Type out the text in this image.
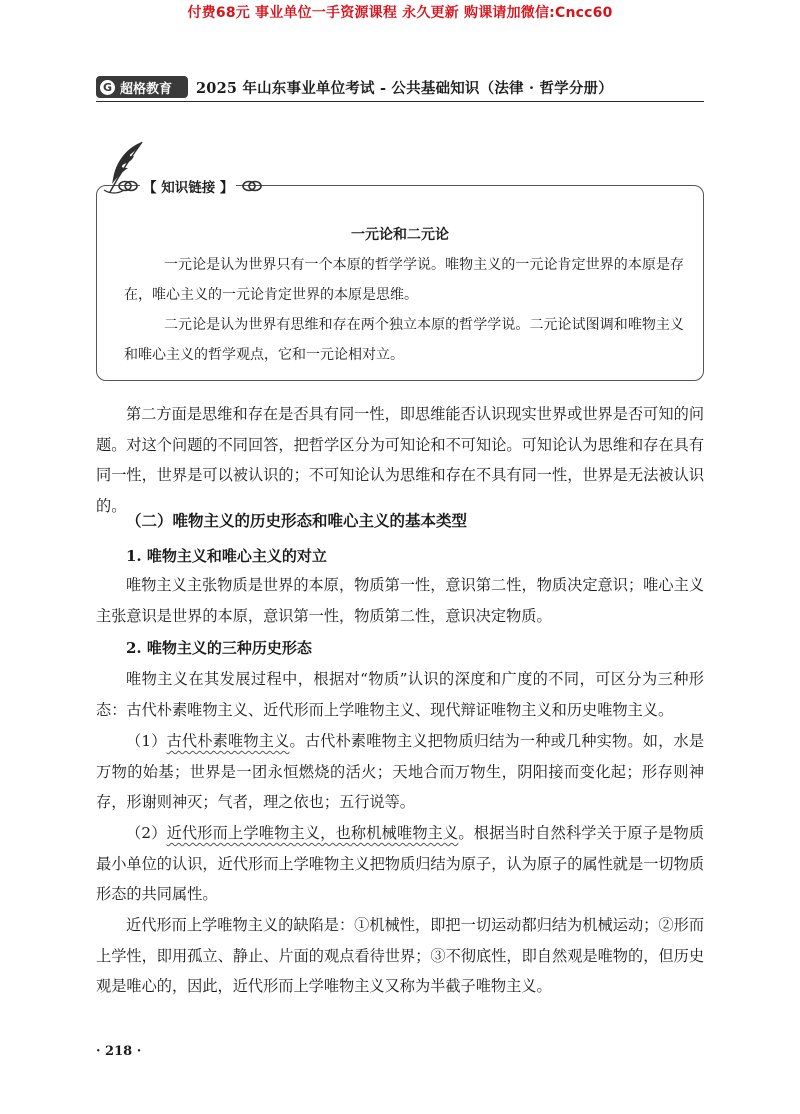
付费68元 事业单位一手资源课程 永久更新 购课请加微信:Cncc60
G 超格教育 2025 年山东事业单位考试 - 公共基础知识（法律 · 哲学分册）
【 知识链接 】
一元论和二元论

一元论是认为世界只有一个本原的哲学学说。唯物主义的一元论肯定世界的本原是存在，唯心主义的一元论肯定世界的本原是思维。

二元论是认为世界有思维和存在两个独立本原的哲学学说。二元论试图调和唯物主义和唯心主义的哲学观点，它和一元论相对立。

第二方面是思维和存在是否具有同一性，即思维能否认识现实世界或世界是否可知的问题。对这个问题的不同回答，把哲学区分为可知论和不可知论。可知论认为思维和存在具有同一性，世界是可以被认识的；不可知论认为思维和存在不具有同一性，世界是无法被认识的。

（二）唯物主义的历史形态和唯心主义的基本类型
1. 唯物主义和唯心主义的对立

唯物主义主张物质是世界的本原，物质第一性，意识第二性，物质决定意识；唯心主义主张意识是世界的本原，意识第一性，物质第二性，意识决定物质。

2. 唯物主义的三种历史形态

唯物主义在其发展过程中，根据对“物质”认识的深度和广度的不同，可区分为三种形态：古代朴素唯物主义、近代形而上学唯物主义、现代辩证唯物主义和历史唯物主义。

（1）古代朴素唯物主义。古代朴素唯物主义把物质归结为一种或几种实物。如，水是万物的始基；世界是一团永恒燃烧的活火；天地合而万物生，阴阳接而变化起；形存则神存，形谢则神灭；气者，理之依也；五行说等。

（2）近代形而上学唯物主义，也称机械唯物主义。根据当时自然科学关于原子是物质最小单位的认识，近代形而上学唯物主义把物质归结为原子，认为原子的属性就是一切物质形态的共同属性。

近代形而上学唯物主义的缺陷是：①机械性，即把一切运动都归结为机械运动；②形而上学性，即用孤立、静止、片面的观点看待世界；③不彻底性，即自然观是唯物的，但历史观是唯心的，因此，近代形而上学唯物主义又称为半截子唯物主义。

· 218 ·
